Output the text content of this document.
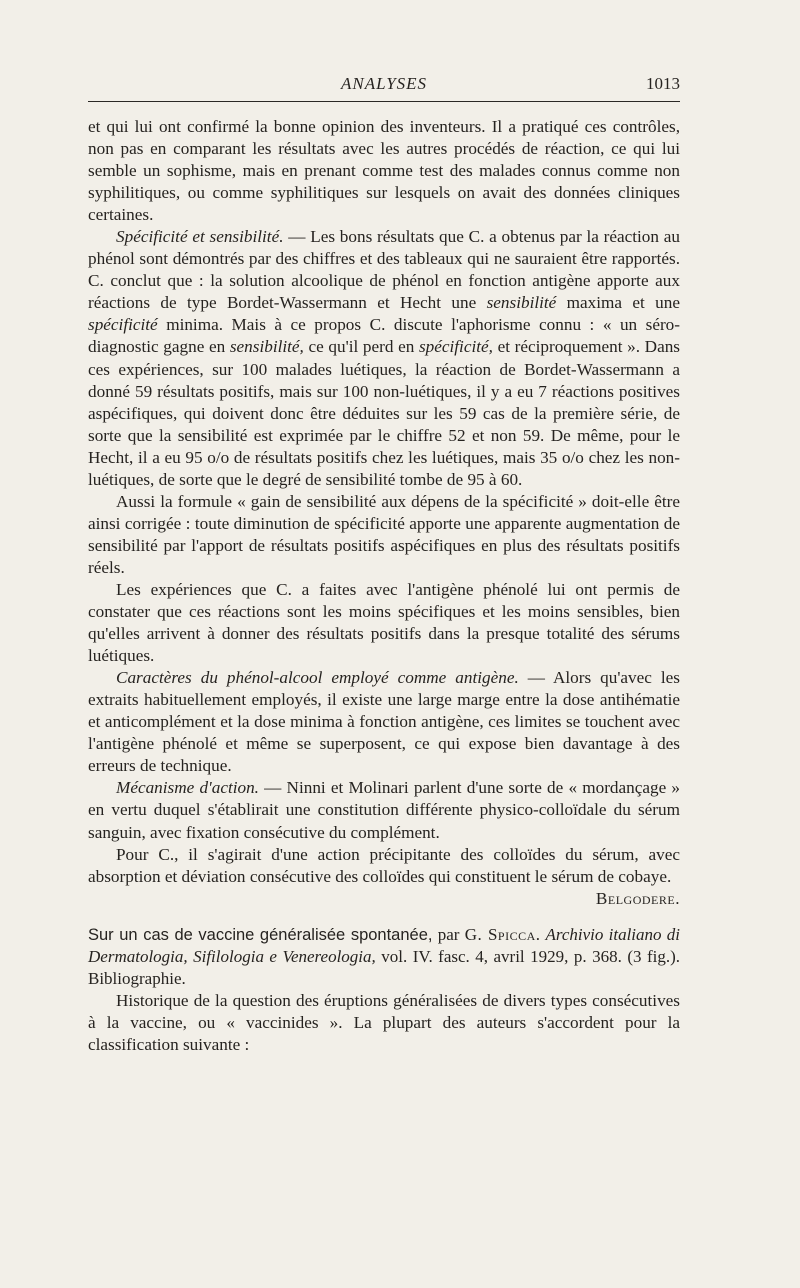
ANALYSES	1013

et qui lui ont confirmé la bonne opinion des inventeurs. Il a pratiqué ces contrôles, non pas en comparant les résultats avec les autres procédés de réaction, ce qui lui semble un sophisme, mais en prenant comme test des malades connus comme non syphilitiques, ou comme syphilitiques sur lesquels on avait des données cliniques certaines.

Spécificité et sensibilité. — Les bons résultats que C. a obtenus par la réaction au phénol sont démontrés par des chiffres et des tableaux qui ne sauraient être rapportés. C. conclut que : la solution alcoolique de phénol en fonction antigène apporte aux réactions de type Bordet-Wassermann et Hecht une sensibilité maxima et une spécificité minima. Mais à ce propos C. discute l'aphorisme connu : « un séro-diagnostic gagne en sensibilité, ce qu'il perd en spécificité, et réciproquement ». Dans ces expériences, sur 100 malades luétiques, la réaction de Bordet-Wassermann a donné 59 résultats positifs, mais sur 100 non-luétiques, il y a eu 7 réactions positives aspécifiques, qui doivent donc être déduites sur les 59 cas de la première série, de sorte que la sensibilité est exprimée par le chiffre 52 et non 59. De même, pour le Hecht, il a eu 95 o/o de résultats positifs chez les luétiques, mais 35 o/o chez les non-luétiques, de sorte que le degré de sensibilité tombe de 95 à 60.

Aussi la formule « gain de sensibilité aux dépens de la spécificité » doit-elle être ainsi corrigée : toute diminution de spécificité apporte une apparente augmentation de sensibilité par l'apport de résultats positifs aspécifiques en plus des résultats positifs réels.

Les expériences que C. a faites avec l'antigène phénolé lui ont permis de constater que ces réactions sont les moins spécifiques et les moins sensibles, bien qu'elles arrivent à donner des résultats positifs dans la presque totalité des sérums luétiques.

Caractères du phénol-alcool employé comme antigène. — Alors qu'avec les extraits habituellement employés, il existe une large marge entre la dose antihématie et anticomplément et la dose minima à fonction antigène, ces limites se touchent avec l'antigène phénolé et même se superposent, ce qui expose bien davantage à des erreurs de technique.

Mécanisme d'action. — Ninni et Molinari parlent d'une sorte de « mordançage » en vertu duquel s'établirait une constitution différente physico-colloïdale du sérum sanguin, avec fixation consécutive du complément.

Pour C., il s'agirait d'une action précipitante des colloïdes du sérum, avec absorption et déviation consécutive des colloïdes qui constituent le sérum de cobaye.
Belgodere.

Sur un cas de vaccine généralisée spontanée, par G. Spicca. Archivio italiano di Dermatologia, Sifilologia e Venereologia, vol. IV. fasc. 4, avril 1929, p. 368. (3 fig.). Bibliographie.

Historique de la question des éruptions généralisées de divers types consécutives à la vaccine, ou « vaccinides ». La plupart des auteurs s'accordent pour la classification suivante :
